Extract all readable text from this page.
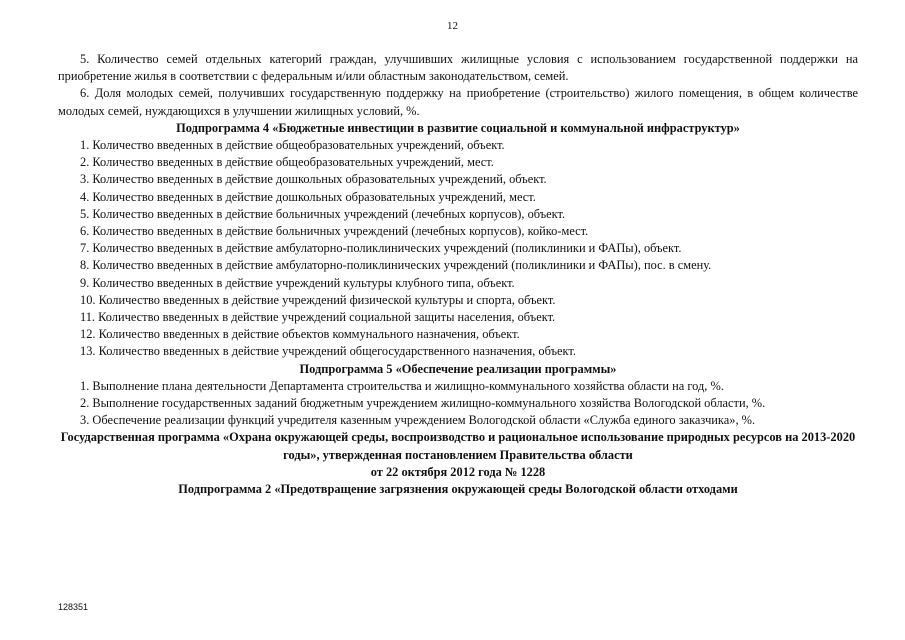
12

5. Количество семей отдельных категорий граждан, улучшивших жилищные условия с использованием государственной поддержки на приобретение жилья в соответствии с федеральным и/или областным законодательством, семей.

6. Доля молодых семей, получивших государственную поддержку на приобретение (строительство) жилого помещения, в общем количестве молодых семей, нуждающихся в улучшении жилищных условий, %.

Подпрограмма 4 «Бюджетные инвестиции в развитие социальной и коммунальной инфраструктур»

1. Количество введенных в действие общеобразовательных учреждений, объект.

2. Количество введенных в действие общеобразовательных учреждений, мест.

3. Количество введенных в действие дошкольных образовательных учреждений, объект.

4. Количество введенных в действие дошкольных образовательных учреждений, мест.

5. Количество введенных в действие больничных учреждений (лечебных корпусов), объект.

6. Количество введенных в действие больничных учреждений (лечебных корпусов), койко-мест.

7. Количество введенных в действие амбулаторно-поликлинических учреждений (поликлиники и ФАПы), объект.

8. Количество введенных в действие амбулаторно-поликлинических учреждений (поликлиники и ФАПы), пос. в смену.

9. Количество введенных в действие учреждений культуры клубного типа, объект.

10. Количество введенных в действие учреждений физической культуры и спорта, объект.

11. Количество введенных в действие учреждений социальной защиты населения, объект.

12. Количество введенных в действие объектов коммунального назначения, объект.

13. Количество введенных в действие учреждений общегосударственного назначения, объект.

Подпрограмма 5 «Обеспечение реализации программы»

1. Выполнение плана деятельности Департамента строительства и жилищно-коммунального хозяйства области на год, %.

2. Выполнение государственных заданий бюджетным учреждением жилищно-коммунального хозяйства Вологодской области, %.

3. Обеспечение реализации функций учредителя казенным учреждением Вологодской области «Служба единого заказчика», %.

Государственная программа «Охрана окружающей среды, воспроизводство и рациональное использование природных ресурсов на 2013-2020 годы», утвержденная постановлением Правительства области

от 22 октября 2012 года № 1228

Подпрограмма 2 «Предотвращение загрязнения окружающей среды Вологодской области отходами

128351
